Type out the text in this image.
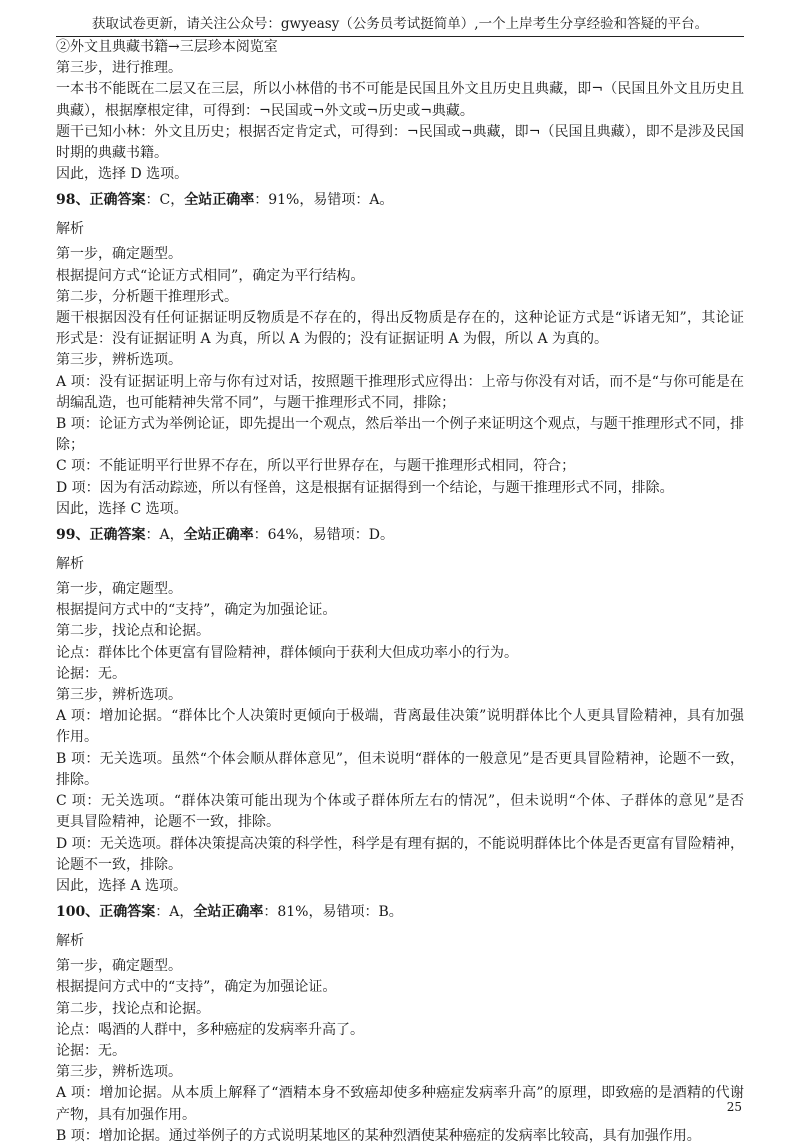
获取试卷更新，请关注公众号：gwyeasy（公务员考试挺简单）,一个上岸考生分享经验和答疑的平台。
②外文且典藏书籍→三层珍本阅览室
第三步，进行推理。
一本书不能既在二层又在三层，所以小林借的书不可能是民国且外文且历史且典藏，即¬（民国且外文且历史且
典藏），根据摩根定律，可得到：¬民国或¬外文或¬历史或¬典藏。
题干已知小林：外文且历史；根据否定肯定式，可得到：¬民国或¬典藏，即¬（民国且典藏），即不是涉及民国
时期的典藏书籍。
因此，选择 D 选项。
98、正确答案：C，全站正确率：91%，易错项：A。
解析
第一步，确定题型。
根据提问方式“论证方式相同”，确定为平行结构。
第二步，分析题干推理形式。
题干根据因没有任何证据证明反物质是不存在的，得出反物质是存在的，这种论证方式是“诉诸无知”，其论证
形式是：没有证据证明 A 为真，所以 A 为假的；没有证据证明 A 为假，所以 A 为真的。
第三步，辨析选项。
A 项：没有证据证明上帝与你有过对话，按照题干推理形式应得出：上帝与你没有对话，而不是“与你可能是在
胡编乱造，也可能精神失常不同”，与题干推理形式不同，排除；
B 项：论证方式为举例论证，即先提出一个观点，然后举出一个例子来证明这个观点，与题干推理形式不同，排
除；
C 项：不能证明平行世界不存在，所以平行世界存在，与题干推理形式相同，符合；
D 项：因为有活动踪迹，所以有怪兽，这是根据有证据得到一个结论，与题干推理形式不同，排除。
因此，选择 C 选项。
99、正确答案：A，全站正确率：64%，易错项：D。
解析
第一步，确定题型。
根据提问方式中的“支持”，确定为加强论证。
第二步，找论点和论据。
论点：群体比个体更富有冒险精神，群体倾向于获利大但成功率小的行为。
论据：无。
第三步，辨析选项。
A 项：增加论据。“群体比个人决策时更倾向于极端，背离最佳决策”说明群体比个人更具冒险精神，具有加强
作用。
B 项：无关选项。虽然“个体会顺从群体意见”，但未说明“群体的一般意见”是否更具冒险精神，论题不一致，
排除。
C 项：无关选项。“群体决策可能出现为个体或子群体所左右的情况”，但未说明“个体、子群体的意见”是否
更具冒险精神，论题不一致，排除。
D 项：无关选项。群体决策提高决策的科学性，科学是有理有据的，不能说明群体比个体是否更富有冒险精神，
论题不一致，排除。
因此，选择 A 选项。
100、正确答案：A，全站正确率：81%，易错项：B。
解析
第一步，确定题型。
根据提问方式中的“支持”，确定为加强论证。
第二步，找论点和论据。
论点：喝酒的人群中，多种癌症的发病率升高了。
论据：无。
第三步，辨析选项。
A 项：增加论据。从本质上解释了“酒精本身不致癌却使多种癌症发病率升高”的原理，即致癌的是酒精的代谢
产物，具有加强作用。
B 项：增加论据。通过举例子的方式说明某地区的某种烈酒使某种癌症的发病率比较高，具有加强作用。
25
